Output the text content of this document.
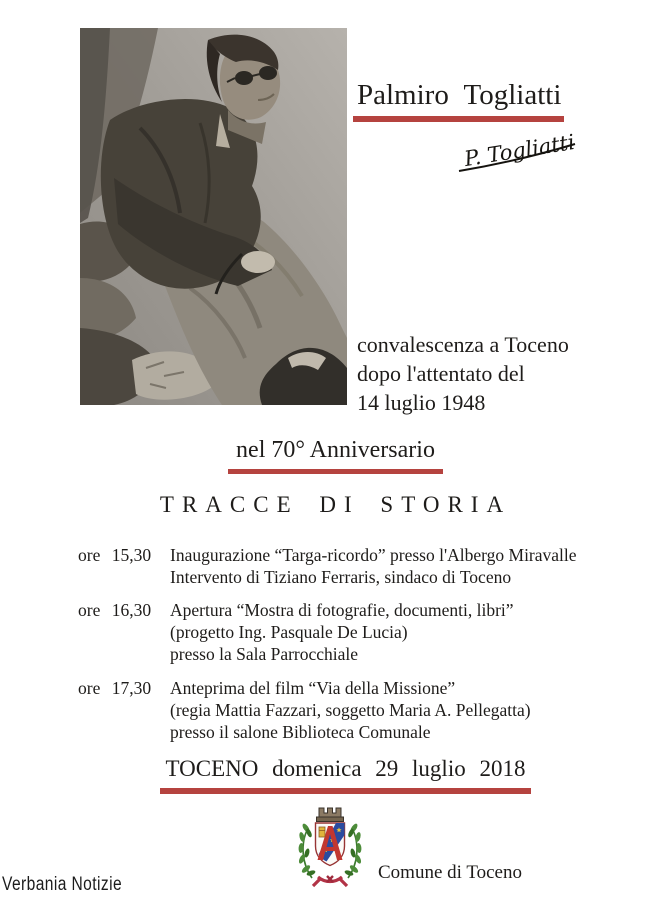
Palmiro Togliatti
P. Togliatti
convalescenza a Toceno
dopo l'attentato del
14 luglio 1948
nel 70° Anniversario
TRACCE DI STORIA
ore 15,30	Inaugurazione “Targa-ricordo” presso l'Albergo Miravalle
Intervento di Tiziano Ferraris, sindaco di Toceno
ore 16,30	Apertura “Mostra di fotografie, documenti, libri”
(progetto Ing. Pasquale De Lucia)
presso la Sala Parrocchiale
ore 17,30	Anteprima del film “Via della Missione”
(regia Mattia Fazzari, soggetto Maria A. Pellegatta)
presso il salone Biblioteca Comunale
TOCENO domenica 29 luglio 2018
Comune di Toceno
Verbania Notizie
